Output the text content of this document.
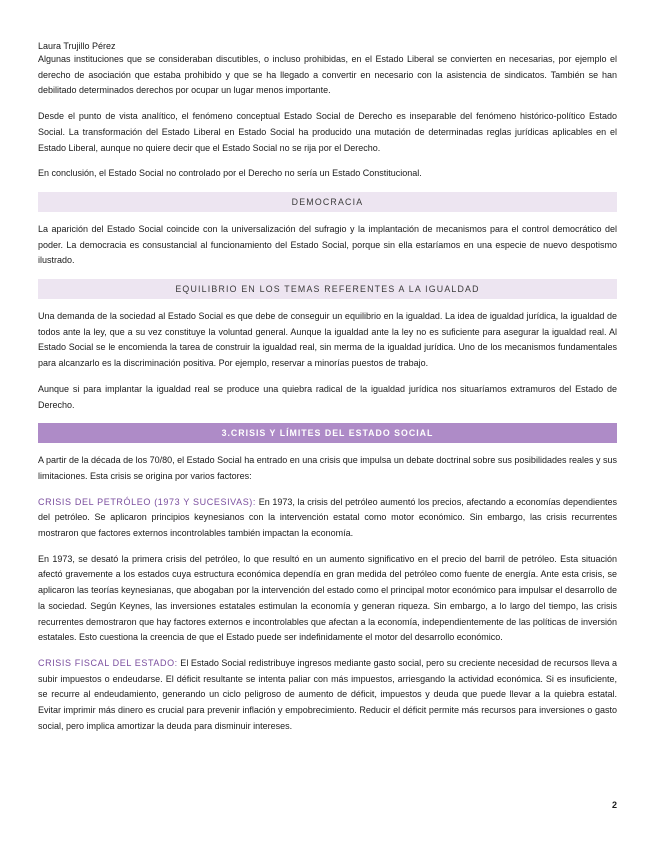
Laura Trujillo Pérez

Algunas instituciones que se consideraban discutibles, o incluso prohibidas, en el Estado Liberal se convierten en necesarias, por ejemplo el derecho de asociación que estaba prohibido y que se ha llegado a convertir en necesario con la asistencia de sindicatos. También se han debilitado determinados derechos por ocupar un lugar menos importante.

Desde el punto de vista analítico, el fenómeno conceptual Estado Social de Derecho es inseparable del fenómeno histórico-político Estado Social. La transformación del Estado Liberal en Estado Social ha producido una mutación de determinadas reglas jurídicas aplicables en el Estado Liberal, aunque no quiere decir que el Estado Social no se rija por el Derecho.

En conclusión, el Estado Social no controlado por el Derecho no sería un Estado Constitucional.

DEMOCRACIA

La aparición del Estado Social coincide con la universalización del sufragio y la implantación de mecanismos para el control democrático del poder. La democracia es consustancial al funcionamiento del Estado Social, porque sin ella estaríamos en una especie de nuevo despotismo ilustrado.

EQUILIBRIO EN LOS TEMAS REFERENTES A LA IGUALDAD

Una demanda de la sociedad al Estado Social es que debe de conseguir un equilibrio en la igualdad. La idea de igualdad jurídica, la igualdad de todos ante la ley, que a su vez constituye la voluntad general. Aunque la igualdad ante la ley no es suficiente para asegurar la igualdad real. Al Estado Social se le encomienda la tarea de construir la igualdad real, sin merma de la igualdad jurídica. Uno de los mecanismos fundamentales para alcanzarlo es la discriminación positiva. Por ejemplo, reservar a minorías puestos de trabajo.

Aunque si para implantar la igualdad real se produce una quiebra radical de la igualdad jurídica nos situaríamos extramuros del Estado de Derecho.

3.CRISIS Y LÍMITES DEL ESTADO SOCIAL

A partir de la década de los 70/80, el Estado Social ha entrado en una crisis que impulsa un debate doctrinal sobre sus posibilidades reales y sus limitaciones. Esta crisis se origina por varios factores:

CRISIS DEL PETRÓLEO (1973 Y SUCESIVAS): En 1973, la crisis del petróleo aumentó los precios, afectando a economías dependientes del petróleo. Se aplicaron principios keynesianos con la intervención estatal como motor económico. Sin embargo, las crisis recurrentes mostraron que factores externos incontrolables también impactan la economía.

En 1973, se desató la primera crisis del petróleo, lo que resultó en un aumento significativo en el precio del barril de petróleo. Esta situación afectó gravemente a los estados cuya estructura económica dependía en gran medida del petróleo como fuente de energía. Ante esta crisis, se aplicaron las teorías keynesianas, que abogaban por la intervención del estado como el principal motor económico para impulsar el desarrollo de la sociedad. Según Keynes, las inversiones estatales estimulan la economía y generan riqueza. Sin embargo, a lo largo del tiempo, las crisis recurrentes demostraron que hay factores externos e incontrolables que afectan a la economía, independientemente de las políticas de inversión estatales. Esto cuestiona la creencia de que el Estado puede ser indefinidamente el motor del desarrollo económico.

CRISIS FISCAL DEL ESTADO: El Estado Social redistribuye ingresos mediante gasto social, pero su creciente necesidad de recursos lleva a subir impuestos o endeudarse. El déficit resultante se intenta paliar con más impuestos, arriesgando la actividad económica. Si es insuficiente, se recurre al endeudamiento, generando un ciclo peligroso de aumento de déficit, impuestos y deuda que puede llevar a la quiebra estatal. Evitar imprimir más dinero es crucial para prevenir inflación y empobrecimiento. Reducir el déficit permite más recursos para inversiones o gasto social, pero implica amortizar la deuda para disminuir intereses.

2
